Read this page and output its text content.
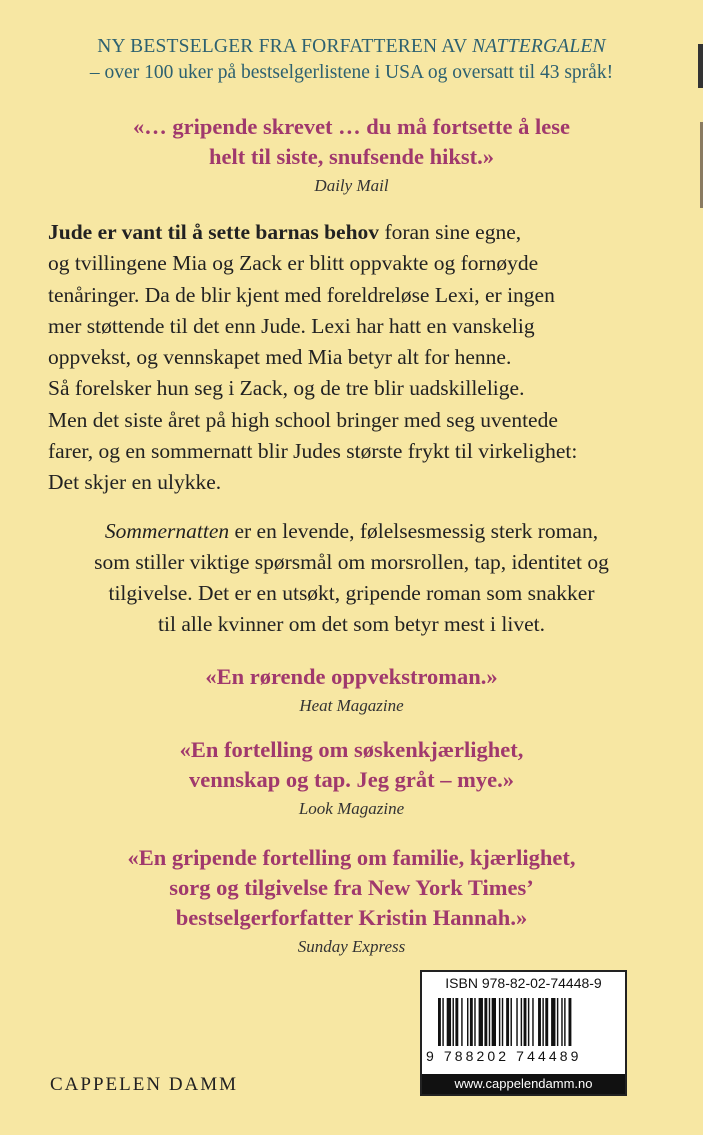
NY BESTSELGER FRA FORFATTEREN AV NATTERGALEN
– over 100 uker på bestselgerlistene i USA og oversatt til 43 språk!
«… gripende skrevet … du må fortsette å lese
helt til siste, snufsende hikst.»
Daily Mail
Jude er vant til å sette barnas behov foran sine egne,
og tvillingene Mia og Zack er blitt oppvakte og fornøyde
tenåringer. Da de blir kjent med foreldreløse Lexi, er ingen
mer støttende til det enn Jude. Lexi har hatt en vanskelig
oppvekst, og vennskapet med Mia betyr alt for henne.
Så forelsker hun seg i Zack, og de tre blir uadskillelige.
Men det siste året på high school bringer med seg uventede
farer, og en sommernatt blir Judes største frykt til virkelighet:
Det skjer en ulykke.
Sommernatten er en levende, følelsesmessig sterk roman,
som stiller viktige spørsmål om morsrollen, tap, identitet og
tilgivelse. Det er en utsøkt, gripende roman som snakker
til alle kvinner om det som betyr mest i livet.
«En rørende oppvekstroman.»
Heat Magazine
«En fortelling om søskenkjærlighet,
vennskap og tap. Jeg gråt – mye.»
Look Magazine
«En gripende fortelling om familie, kjærlighet,
sorg og tilgivelse fra New York Times’
bestselgerforfatter Kristin Hannah.»
Sunday Express
CAPPELEN DAMM
ISBN 978-82-02-74448-9
9 788202 744489
www.cappelendamm.no
